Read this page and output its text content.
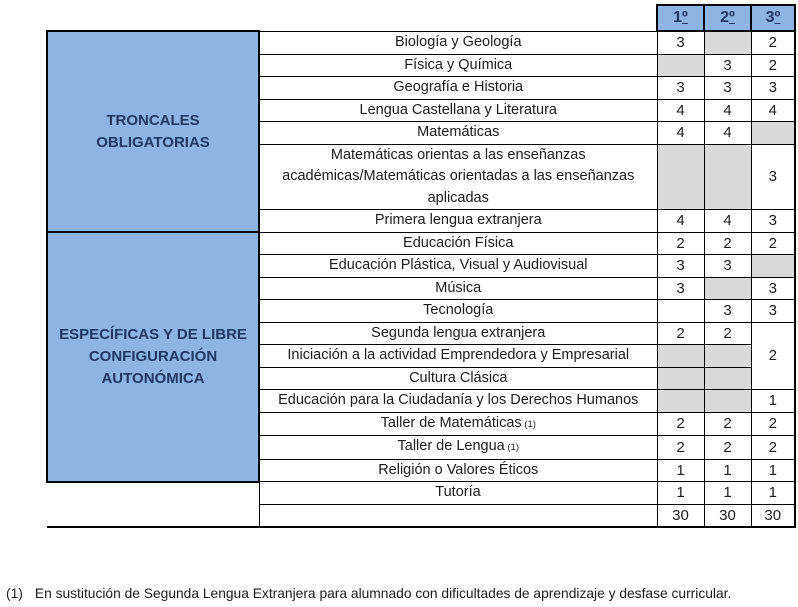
		1º	2º	3º
TRONCALES OBLIGATORIAS	Biología y Geología	3		2
	Física y Química		3	2
	Geografía e Historia	3	3	3
	Lengua Castellana y Literatura	4	4	4
	Matemáticas	4	4	
	Matemáticas orientas a las enseñanzas académicas/Matemáticas orientadas a las enseñanzas aplicadas			3
	Primera lengua extranjera	4	4	3
ESPECÍFICAS Y DE LIBRE CONFIGURACIÓN AUTONÓMICA	Educación Física	2	2	2
	Educación Plástica, Visual y Audiovisual	3	3	
	Música	3		3
	Tecnología		3	3
	Segunda lengua extranjera	2	2	2
	Iniciación a la actividad Emprendedora y Empresarial			
	Cultura Clásica			
	Educación para la Ciudadanía y los Derechos Humanos			1
	Taller de Matemáticas (1)	2	2	2
	Taller de Lengua (1)	2	2	2
	Religión o Valores Éticos	1	1	1
	Tutoría	1	1	1
		30	30	30
(1) En sustitución de Segunda Lengua Extranjera para alumnado con dificultades de aprendizaje y desfase curricular.
